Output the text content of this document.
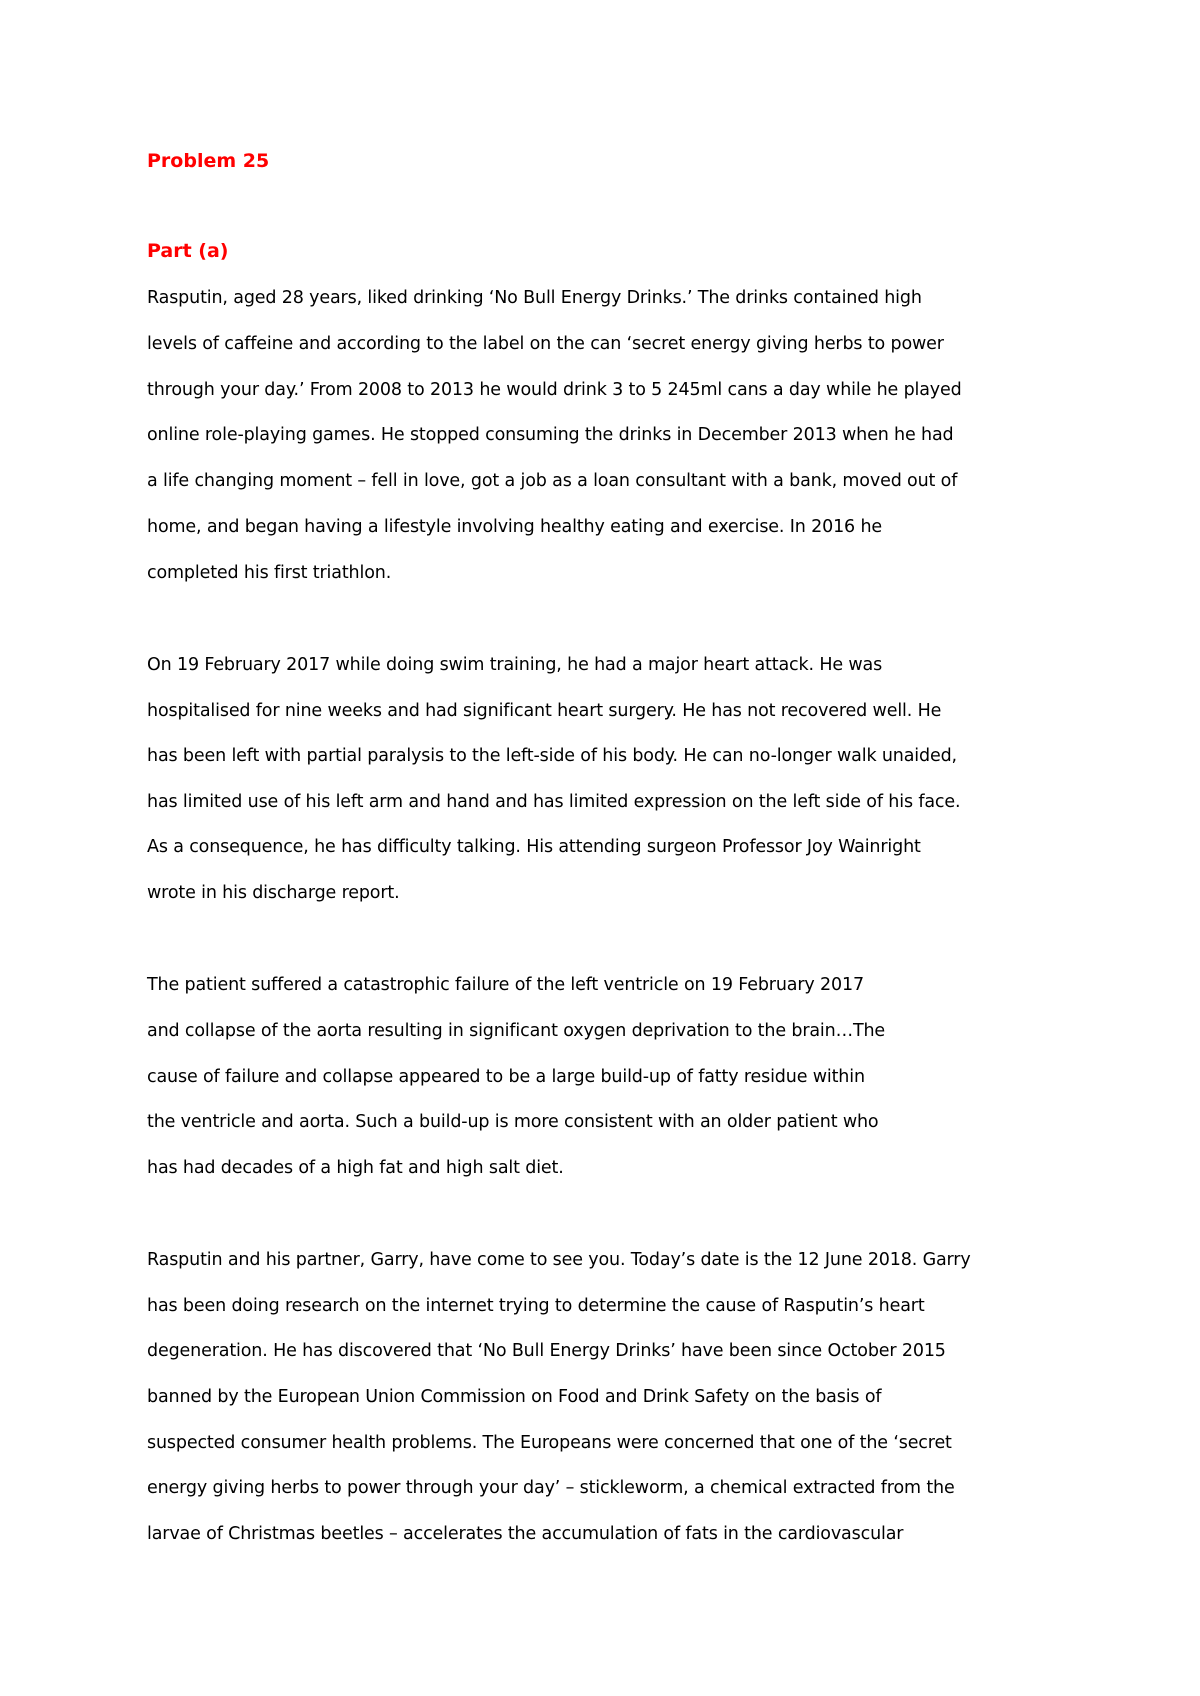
Problem 25
Part (a)

Rasputin, aged 28 years, liked drinking ‘No Bull Energy Drinks.’ The drinks contained high

levels of caffeine and according to the label on the can ‘secret energy giving herbs to power

through your day.’ From 2008 to 2013 he would drink 3 to 5 245ml cans a day while he played

online role-playing games. He stopped consuming the drinks in December 2013 when he had

a life changing moment – fell in love, got a job as a loan consultant with a bank, moved out of

home, and began having a lifestyle involving healthy eating and exercise. In 2016 he

completed his first triathlon.

On 19 February 2017 while doing swim training, he had a major heart attack. He was

hospitalised for nine weeks and had significant heart surgery. He has not recovered well. He

has been left with partial paralysis to the left-side of his body. He can no-longer walk unaided,

has limited use of his left arm and hand and has limited expression on the left side of his face.

As a consequence, he has difficulty talking. His attending surgeon Professor Joy Wainright

wrote in his discharge report.

The patient suffered a catastrophic failure of the left ventricle on 19 February 2017

and collapse of the aorta resulting in significant oxygen deprivation to the brain…The

cause of failure and collapse appeared to be a large build-up of fatty residue within

the ventricle and aorta. Such a build-up is more consistent with an older patient who

has had decades of a high fat and high salt diet.

Rasputin and his partner, Garry, have come to see you. Today’s date is the 12 June 2018. Garry

has been doing research on the internet trying to determine the cause of Rasputin’s heart

degeneration. He has discovered that ‘No Bull Energy Drinks’ have been since October 2015

banned by the European Union Commission on Food and Drink Safety on the basis of

suspected consumer health problems. The Europeans were concerned that one of the ‘secret

energy giving herbs to power through your day’ – stickleworm, a chemical extracted from the

larvae of Christmas beetles – accelerates the accumulation of fats in the cardiovascular
